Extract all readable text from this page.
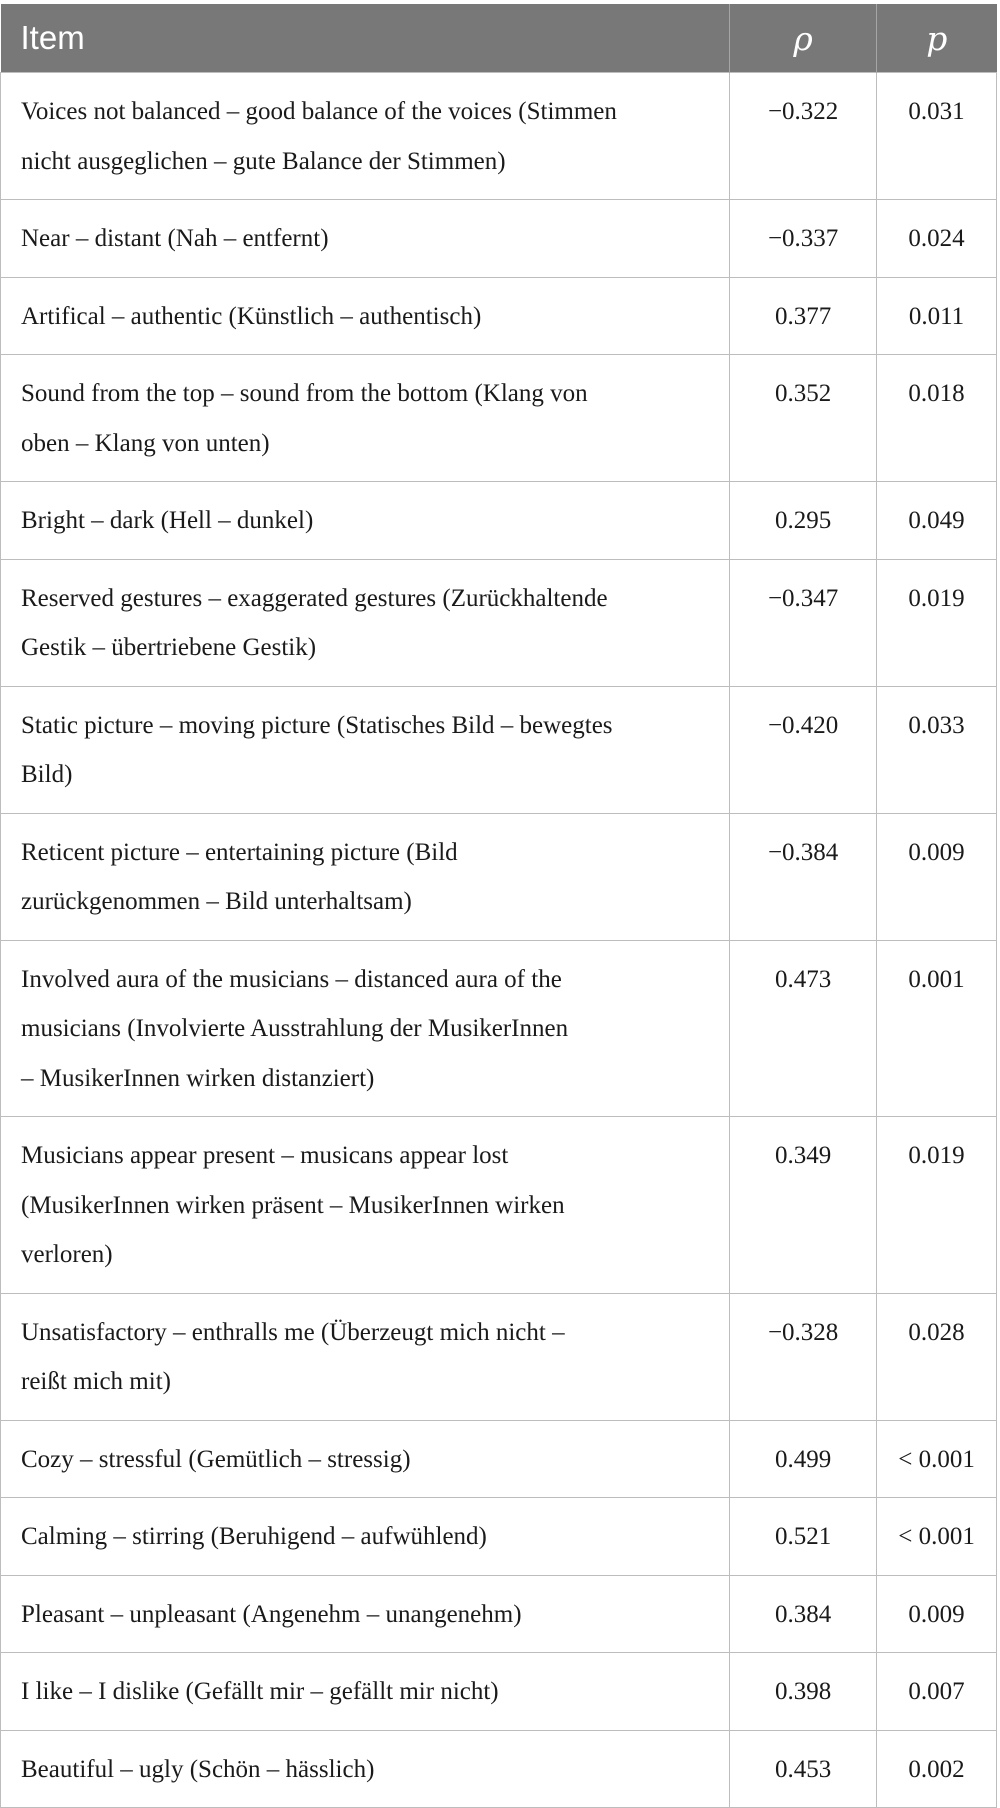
Item	ρ	p

Voices not balanced – good balance of the voices (Stimmen
nicht ausgeglichen – gute Balance der Stimmen)	−0.322	0.031

Near – distant (Nah – entfernt)	−0.337	0.024

Artifical – authentic (Künstlich – authentisch)	0.377	0.011

Sound from the top – sound from the bottom (Klang von
oben – Klang von unten)	0.352	0.018

Bright – dark (Hell – dunkel)	0.295	0.049

Reserved gestures – exaggerated gestures (Zurückhaltende
Gestik – übertriebene Gestik)	−0.347	0.019

Static picture – moving picture (Statisches Bild – bewegtes
Bild)	−0.420	0.033

Reticent picture – entertaining picture (Bild
zurückgenommen – Bild unterhaltsam)	−0.384	0.009

Involved aura of the musicians – distanced aura of the
musicians (Involvierte Ausstrahlung der MusikerInnen
– MusikerInnen wirken distanziert)	0.473	0.001

Musicians appear present – musicans appear lost
(MusikerInnen wirken präsent – MusikerInnen wirken
verloren)	0.349	0.019

Unsatisfactory – enthralls me (Überzeugt mich nicht –
reißt mich mit)	−0.328	0.028

Cozy – stressful (Gemütlich – stressig)	0.499	< 0.001

Calming – stirring (Beruhigend – aufwühlend)	0.521	< 0.001

Pleasant – unpleasant (Angenehm – unangenehm)	0.384	0.009

I like – I dislike (Gefällt mir – gefällt mir nicht)	0.398	0.007

Beautiful – ugly (Schön – hässlich)	0.453	0.002
